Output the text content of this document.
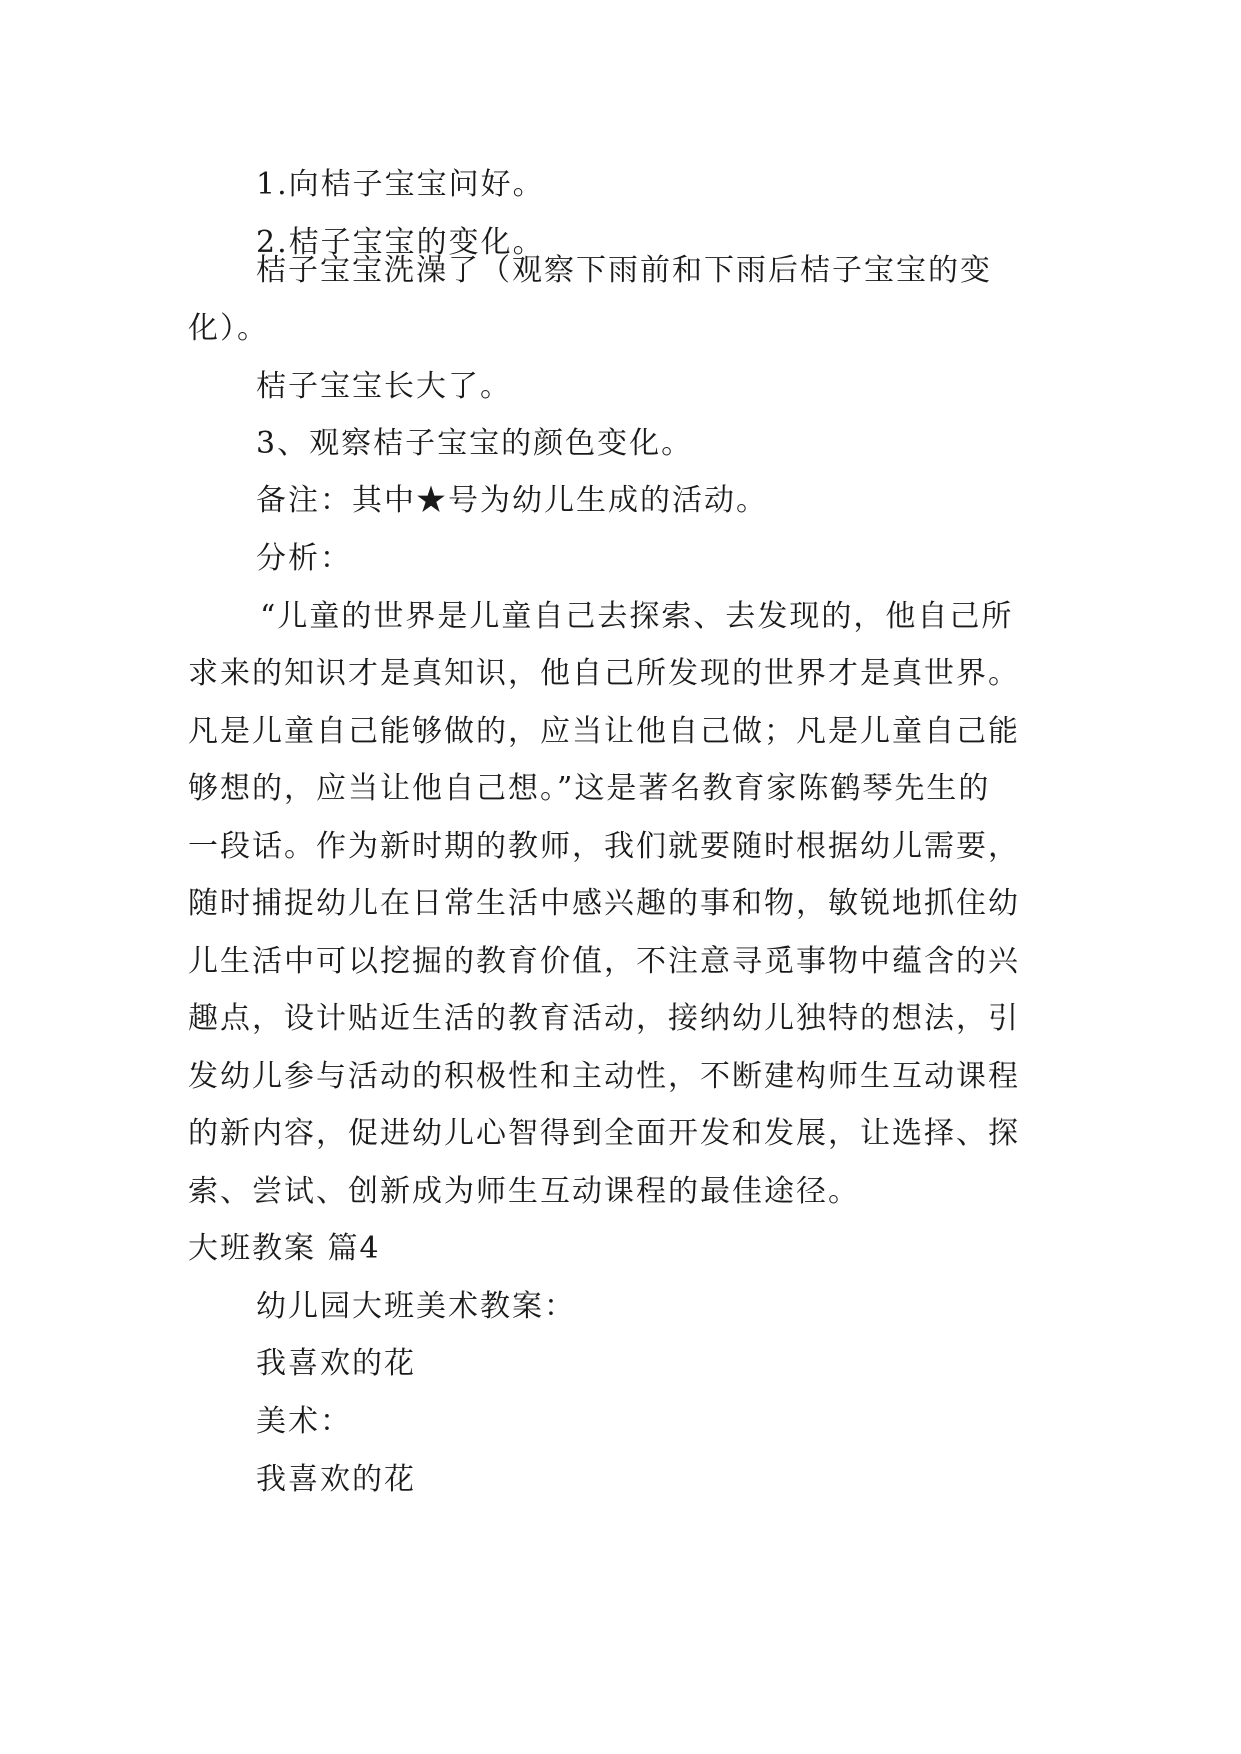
1.向桔子宝宝问好。
2.桔子宝宝的变化。
桔子宝宝洗澡了（观察下雨前和下雨后桔子宝宝的变
化）。
桔子宝宝长大了。
3、观察桔子宝宝的颜色变化。
备注：其中★号为幼儿生成的活动。
分析：
“儿童的世界是儿童自己去探索、去发现的，他自己所
求来的知识才是真知识，他自己所发现的世界才是真世界。
凡是儿童自己能够做的，应当让他自己做；凡是儿童自己能
够想的，应当让他自己想。”这是著名教育家陈鹤琴先生的
一段话。作为新时期的教师，我们就要随时根据幼儿需要，
随时捕捉幼儿在日常生活中感兴趣的事和物，敏锐地抓住幼
儿生活中可以挖掘的教育价值，不注意寻觅事物中蕴含的兴
趣点，设计贴近生活的教育活动，接纳幼儿独特的想法，引
发幼儿参与活动的积极性和主动性，不断建构师生互动课程
的新内容，促进幼儿心智得到全面开发和发展，让选择、探
索、尝试、创新成为师生互动课程的最佳途径。
大班教案 篇4
幼儿园大班美术教案：
我喜欢的花
美术：
我喜欢的花
